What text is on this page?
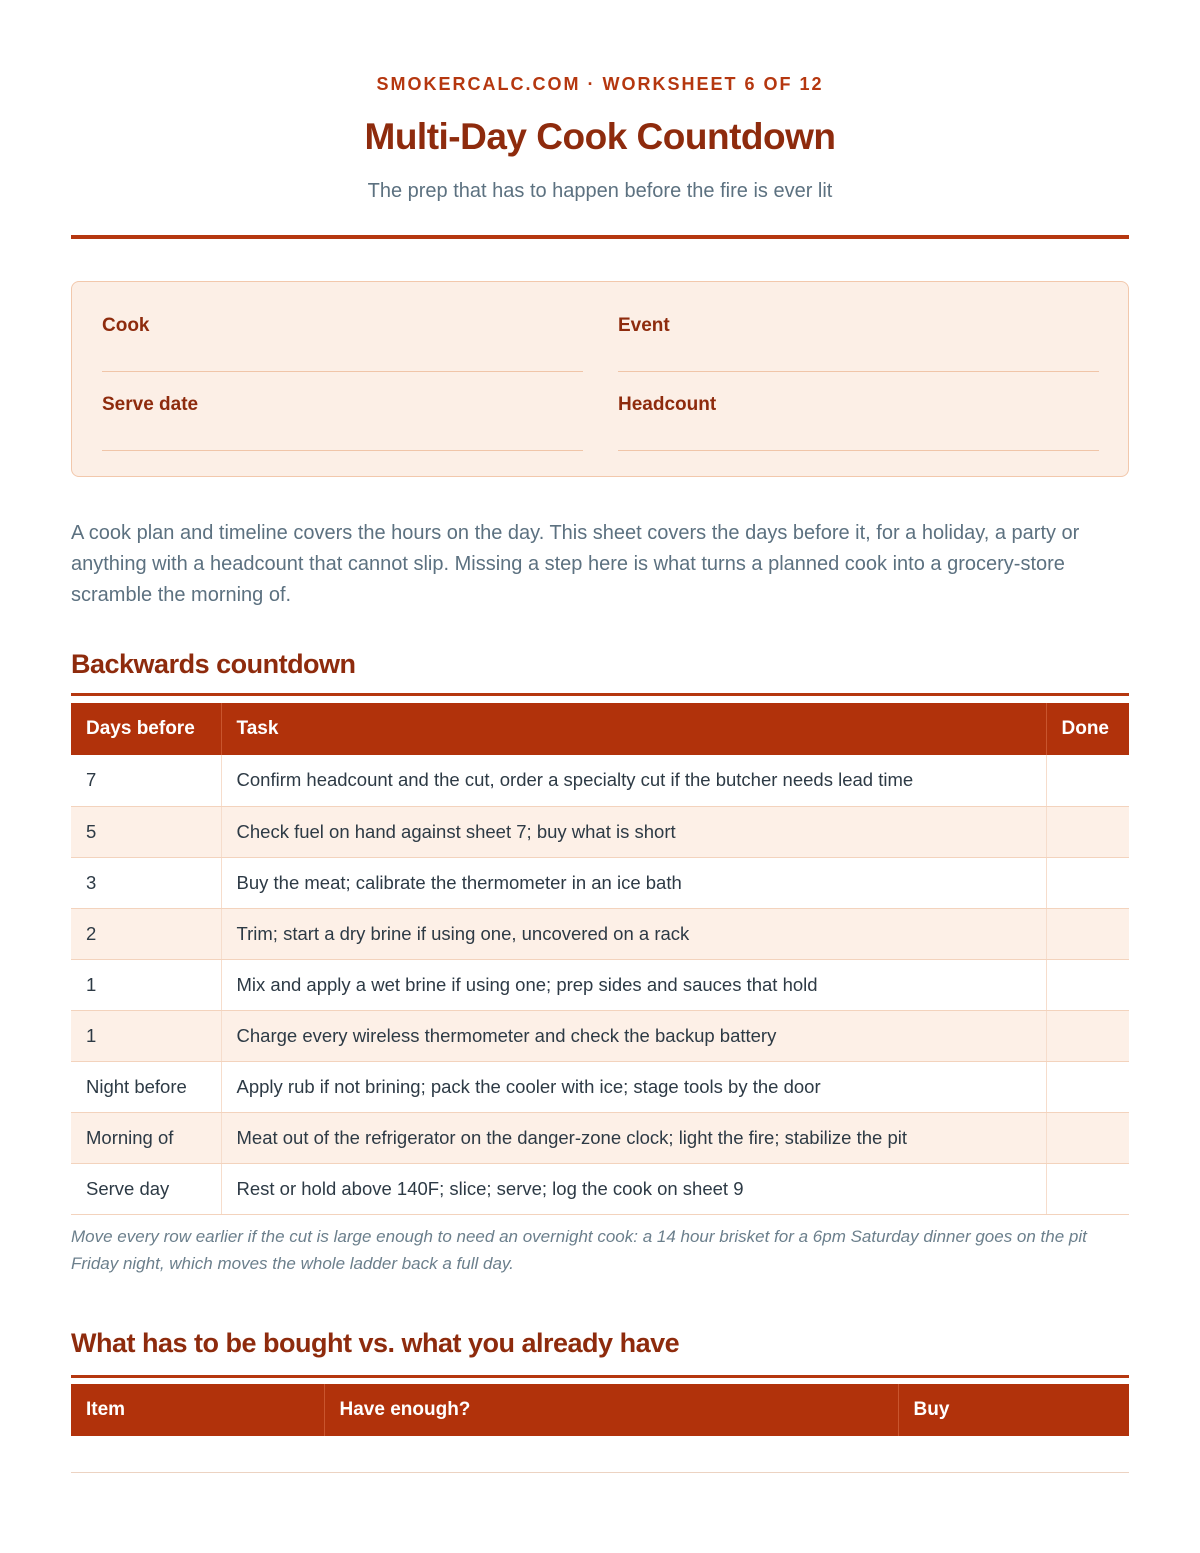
SMOKERCALC.COM · WORKSHEET 6 OF 12
Multi-Day Cook Countdown
The prep that has to happen before the fire is ever lit
Cook	Event
Serve date	Headcount

A cook plan and timeline covers the hours on the day. This sheet covers the days before it, for a holiday, a party or anything with a headcount that cannot slip. Missing a step here is what turns a planned cook into a grocery-store scramble the morning of.

Backwards countdown
Days before	Task	Done
7	Confirm headcount and the cut, order a specialty cut if the butcher needs lead time	
5	Check fuel on hand against sheet 7; buy what is short	
3	Buy the meat; calibrate the thermometer in an ice bath	
2	Trim; start a dry brine if using one, uncovered on a rack	
1	Mix and apply a wet brine if using one; prep sides and sauces that hold	
1	Charge every wireless thermometer and check the backup battery	
Night before	Apply rub if not brining; pack the cooler with ice; stage tools by the door	
Morning of	Meat out of the refrigerator on the danger-zone clock; light the fire; stabilize the pit	
Serve day	Rest or hold above 140F; slice; serve; log the cook on sheet 9	

Move every row earlier if the cut is large enough to need an overnight cook: a 14 hour brisket for a 6pm Saturday dinner goes on the pit Friday night, which moves the whole ladder back a full day.

What has to be bought vs. what you already have
Item	Have enough?	Buy
